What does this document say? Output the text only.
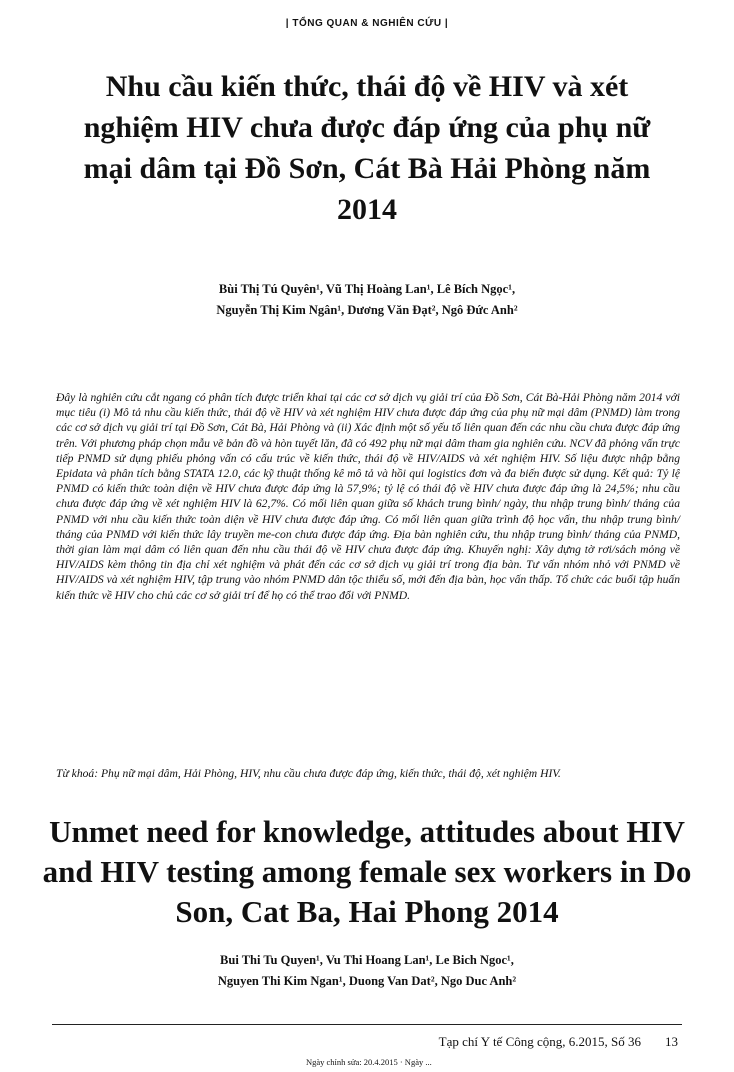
| TỔNG QUAN & NGHIÊN CỨU |
Nhu cầu kiến thức, thái độ về HIV và xét nghiệm HIV chưa được đáp ứng của phụ nữ mại dâm tại Đồ Sơn, Cát Bà Hải Phòng năm 2014
Bùi Thị Tú Quyên¹, Vũ Thị Hoàng Lan¹, Lê Bích Ngọc¹,
Nguyễn Thị Kim Ngân¹, Dương Văn Đạt², Ngô Đức Anh²

Đây là nghiên cứu cắt ngang có phân tích được triển khai tại các cơ sở dịch vụ giải trí của Đồ Sơn, Cát Bà-Hải Phòng năm 2014 với mục tiêu (i) Mô tả nhu cầu kiến thức, thái độ về HIV và xét nghiệm HIV chưa được đáp ứng của phụ nữ mại dâm (PNMD) làm trong các cơ sở dịch vụ giải trí tại Đồ Sơn, Cát Bà, Hải Phòng và (ii) Xác định một số yếu tố liên quan đến các nhu cầu chưa được đáp ứng trên. Với phương pháp chọn mẫu vẽ bản đồ và hòn tuyết lăn, đã có 492 phụ nữ mại dâm tham gia nghiên cứu. NCV đã phỏng vấn trực tiếp PNMD sử dụng phiếu phỏng vấn có cấu trúc về kiến thức, thái độ về HIV/AIDS và xét nghiệm HIV. Số liệu được nhập bằng Epidata và phân tích bằng STATA 12.0, các kỹ thuật thống kê mô tả và hồi qui logistics đơn và đa biến được sử dụng. Kết quả: Tỷ lệ PNMD có kiến thức toàn diện về HIV chưa được đáp ứng là 57,9%; tỷ lệ có thái độ về HIV chưa được đáp ứng là 24,5%; nhu cầu chưa được đáp ứng về xét nghiệm HIV là 62,7%. Có mối liên quan giữa số khách trung bình/ ngày, thu nhập trung bình/ tháng của PNMD với nhu cầu kiến thức toàn diện về HIV chưa được đáp ứng. Có mối liên quan giữa trình độ học vấn, thu nhập trung bình/ tháng của PNMD với kiến thức lây truyền me-con chưa được đáp ứng. Địa bàn nghiên cứu, thu nhập trung bình/ tháng của PNMD, thời gian làm mại dâm có liên quan đến nhu cầu thái độ về HIV chưa được đáp ứng. Khuyến nghị: Xây dựng tờ rơi/sách mỏng về HIV/AIDS kèm thông tin địa chỉ xét nghiệm và phát đến các cơ sở dịch vụ giải trí trong địa bàn. Tư vấn nhóm nhỏ với PNMD về HIV/AIDS và xét nghiệm HIV, tập trung vào nhóm PNMD dân tộc thiểu số, mới đến địa bàn, học vấn thấp. Tổ chức các buổi tập huấn kiến thức về HIV cho chủ các cơ sở giải trí để họ có thể trao đổi với PNMD.

Từ khoá: Phụ nữ mại dâm, Hải Phòng, HIV, nhu cầu chưa được đáp ứng, kiến thức, thái độ, xét nghiệm HIV.
Unmet need for knowledge, attitudes about HIV and HIV testing among female sex workers in Do Son, Cat Ba, Hai Phong 2014
Bui Thi Tu Quyen¹, Vu Thi Hoang Lan¹, Le Bich Ngoc¹,
Nguyen Thi Kim Ngan¹, Duong Van Dat², Ngo Duc Anh²
Tạp chí Y tế Công cộng, 6.2015, Số 36 13
Ngày chỉnh sửa: 20.4.2015 · Ngày ...
